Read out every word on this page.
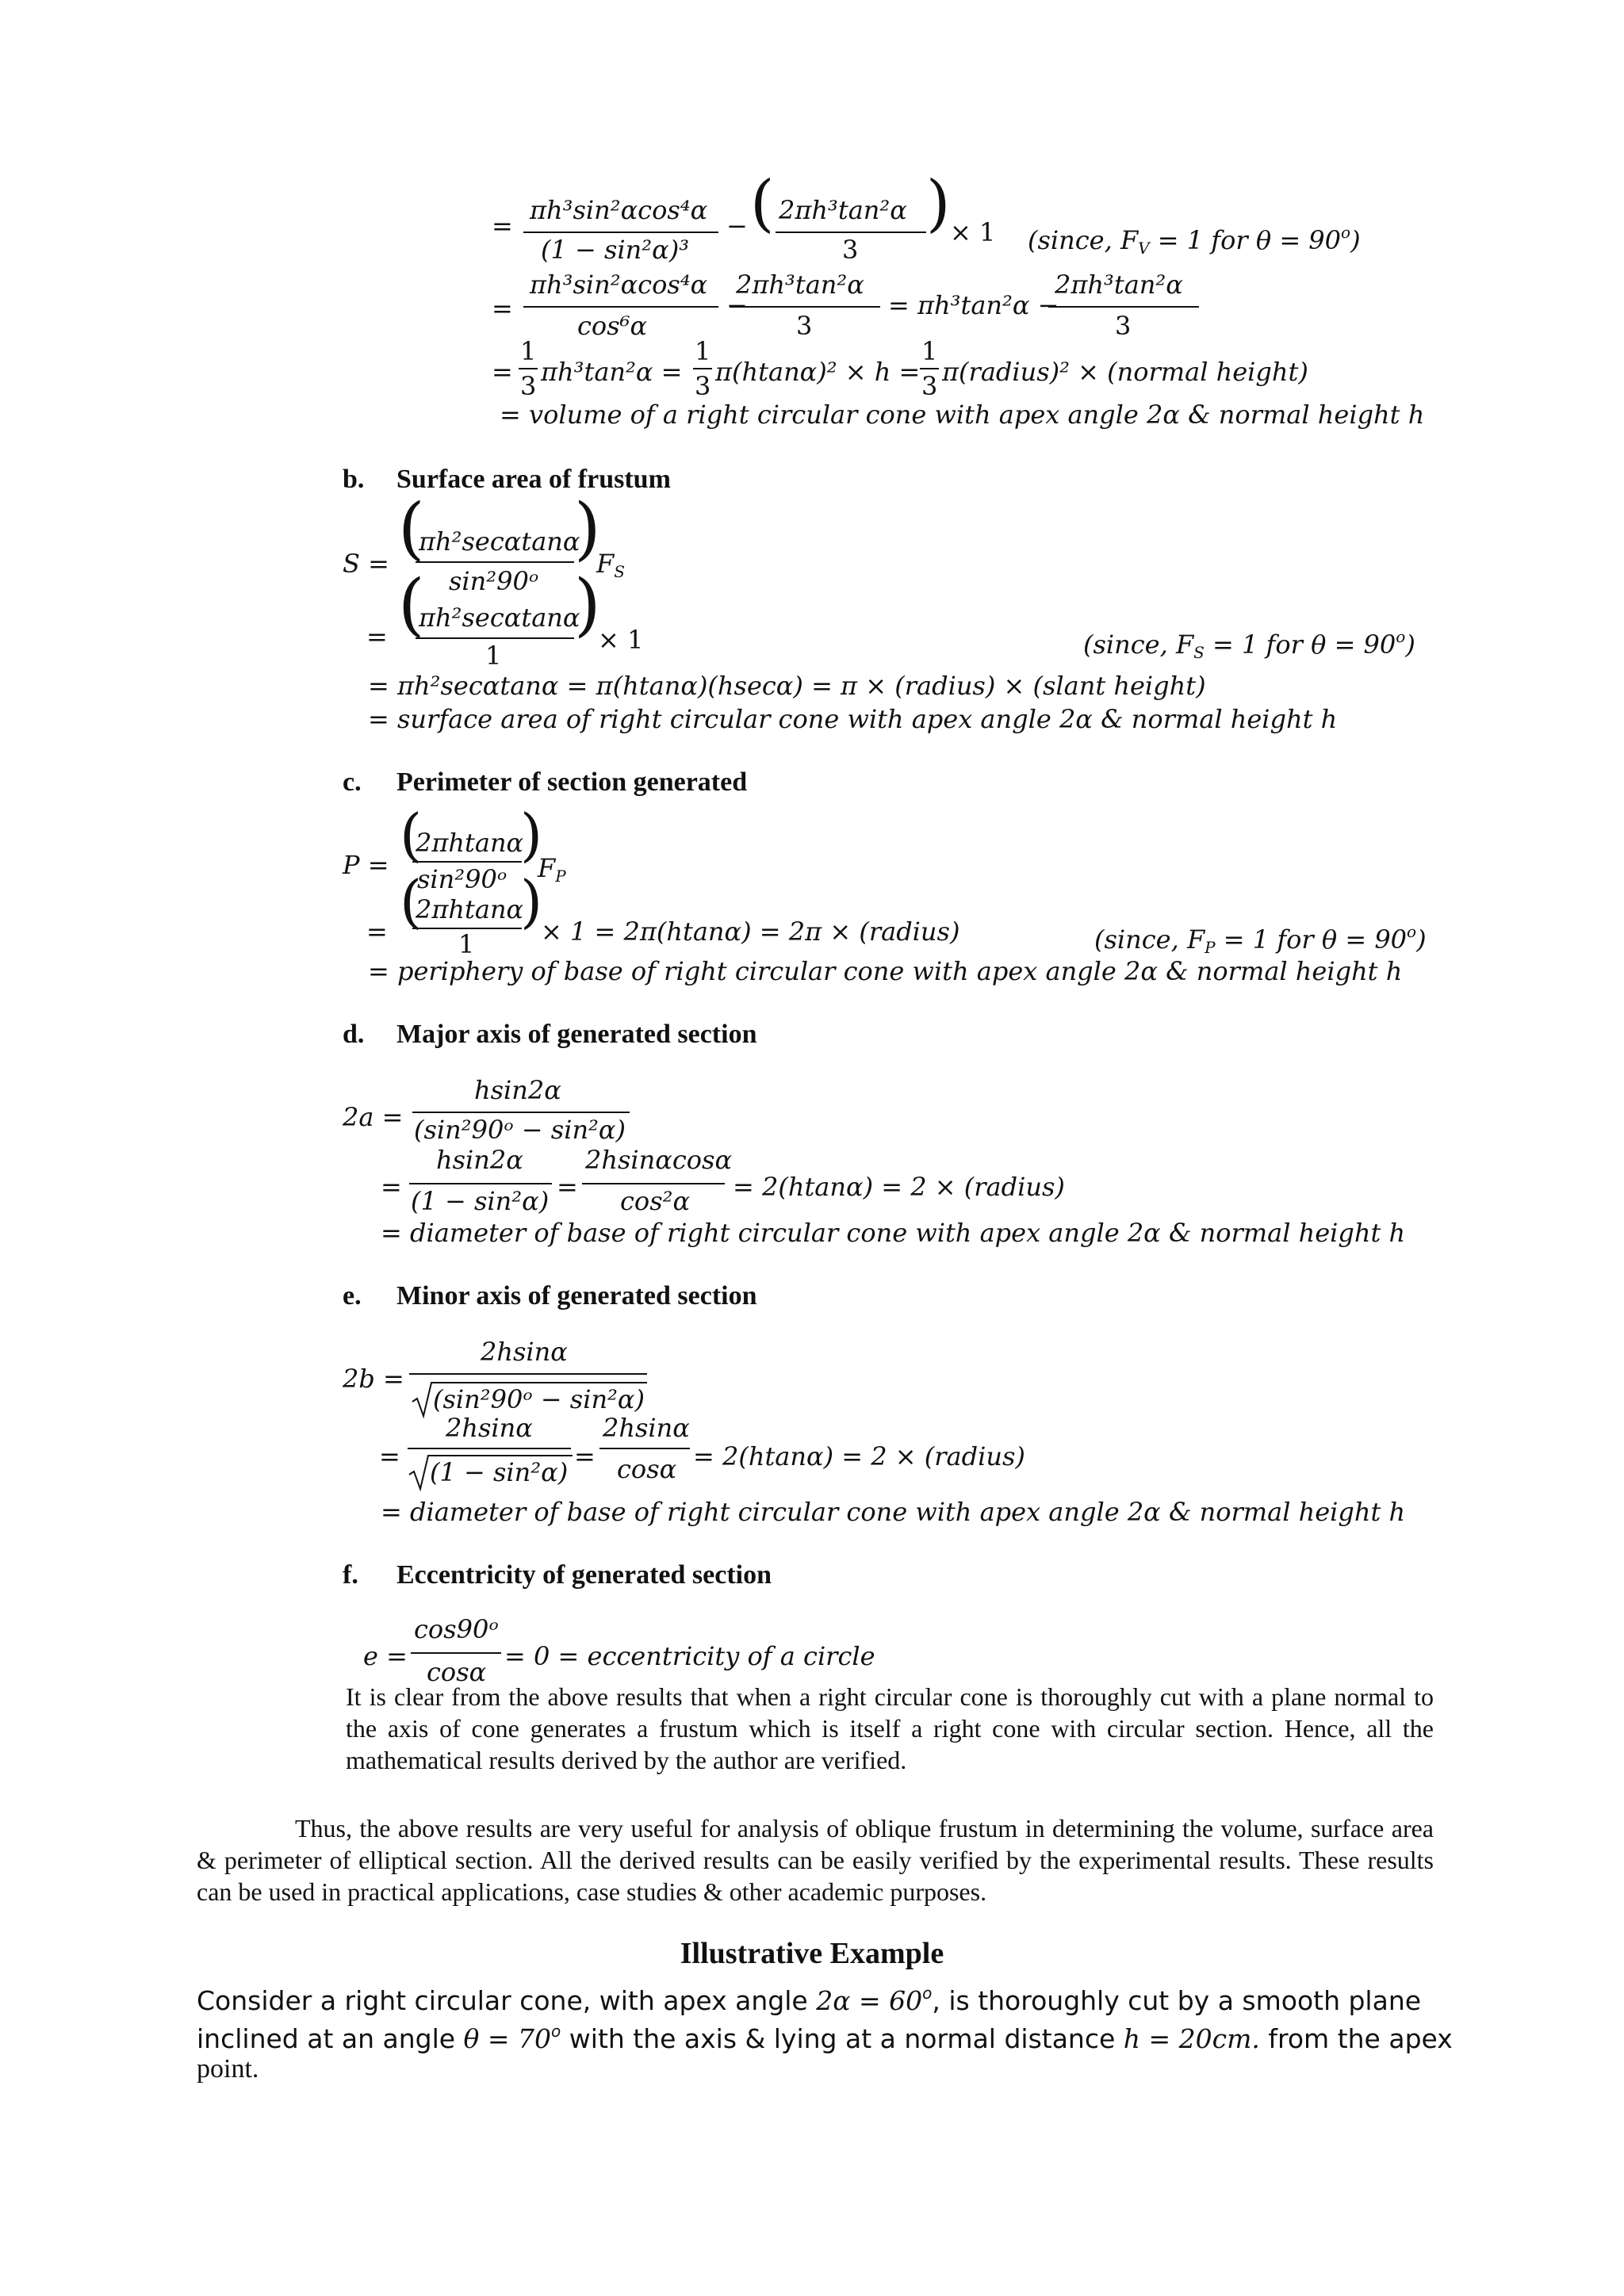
=
πh³sin²αcos⁴α
(1 − sin²α)³
− ( 2πh³tan²α
3
) × 1 (since, $F_V = 1$ for $\theta = 90^o$)
=
πh³sin²αcos⁴α
cos⁶α
−
2πh³tan²α
3
= πh³tan²α −
2πh³tan²α
3
=
1
3 πh³tan²α =
1
3 π(htanα)² × h =
1
3 π(radius)² × (normal height)
= volume of a right circular cone with apex angle 2α & normal height h
b. Surface area of frustum
S = (
πh²secαtanα
sin²90ᵒ
)
$F_S$
= (
πh²secαtanα
1
)
× 1	(since, $F_S = 1$ for $\theta = 90^o$)
= πh²secαtanα = π(htanα)(hsecα) = π × (radius) × (slant height)
= surface area of right circular cone with apex angle 2α & normal height h
c. Perimeter of section generated
P = (
2πhtanα
sin²90ᵒ
)
$F_P$
= (
2πhtanα
1
)
× 1 = 2π(htanα) = 2π × (radius)	(since, $F_P = 1$ for $\theta = 90^o$)
= periphery of base of right circular cone with apex angle 2α & normal height h
d. Major axis of generated section
2a =
hsin2α
(sin²90ᵒ − sin²α)
=
hsin2α
(1 − sin²α) =
2hsinαcosα
cos²α = 2(htanα) = 2 × (radius)
= diameter of base of right circular cone with apex angle 2α & normal height h
e. Minor axis of generated section
2b =
2hsinα
(sin²90ᵒ − sin²α)
=
2hsinα
(1 − sin²α)
=
2hsinα
cosα = 2(htanα) = 2 × (radius)
= diameter of base of right circular cone with apex angle 2α & normal height h
f. Eccentricity of generated section
e =
cos90ᵒ
cosα
= 0 = eccentricity of a circle
It is clear from the above results that when a right circular cone is thoroughly cut with a plane normal to the axis of cone generates a frustum which is itself a right cone with circular section. Hence, all the mathematical results derived by the author are verified.
Thus, the above results are very useful for analysis of oblique frustum in determining the volume, surface area & perimeter of elliptical section. All the derived results can be easily verified by the experimental results. These results can be used in practical applications, case studies & other academic purposes.
Illustrative Example
Consider a right circular cone, with apex angle $2\alpha = 60^o$, is thoroughly cut by a smooth plane
inclined at an angle $\theta = 70^o$ with the axis & lying at a normal distance h = 20cm. from the apex
point.
